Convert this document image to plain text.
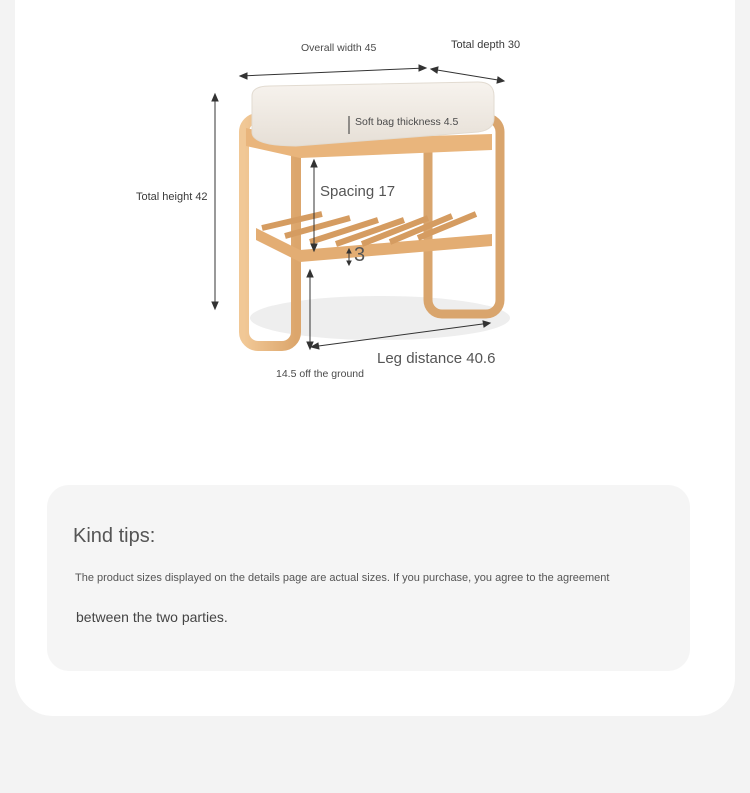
Overall width 45	Total depth 30
Soft bag thickness 4.5
Total height 42	Spacing 17
3
Leg distance 40.6
14.5 off the ground
Kind tips:
The product sizes displayed on the details page are actual sizes. If you purchase, you agree to the agreement
between the two parties.
